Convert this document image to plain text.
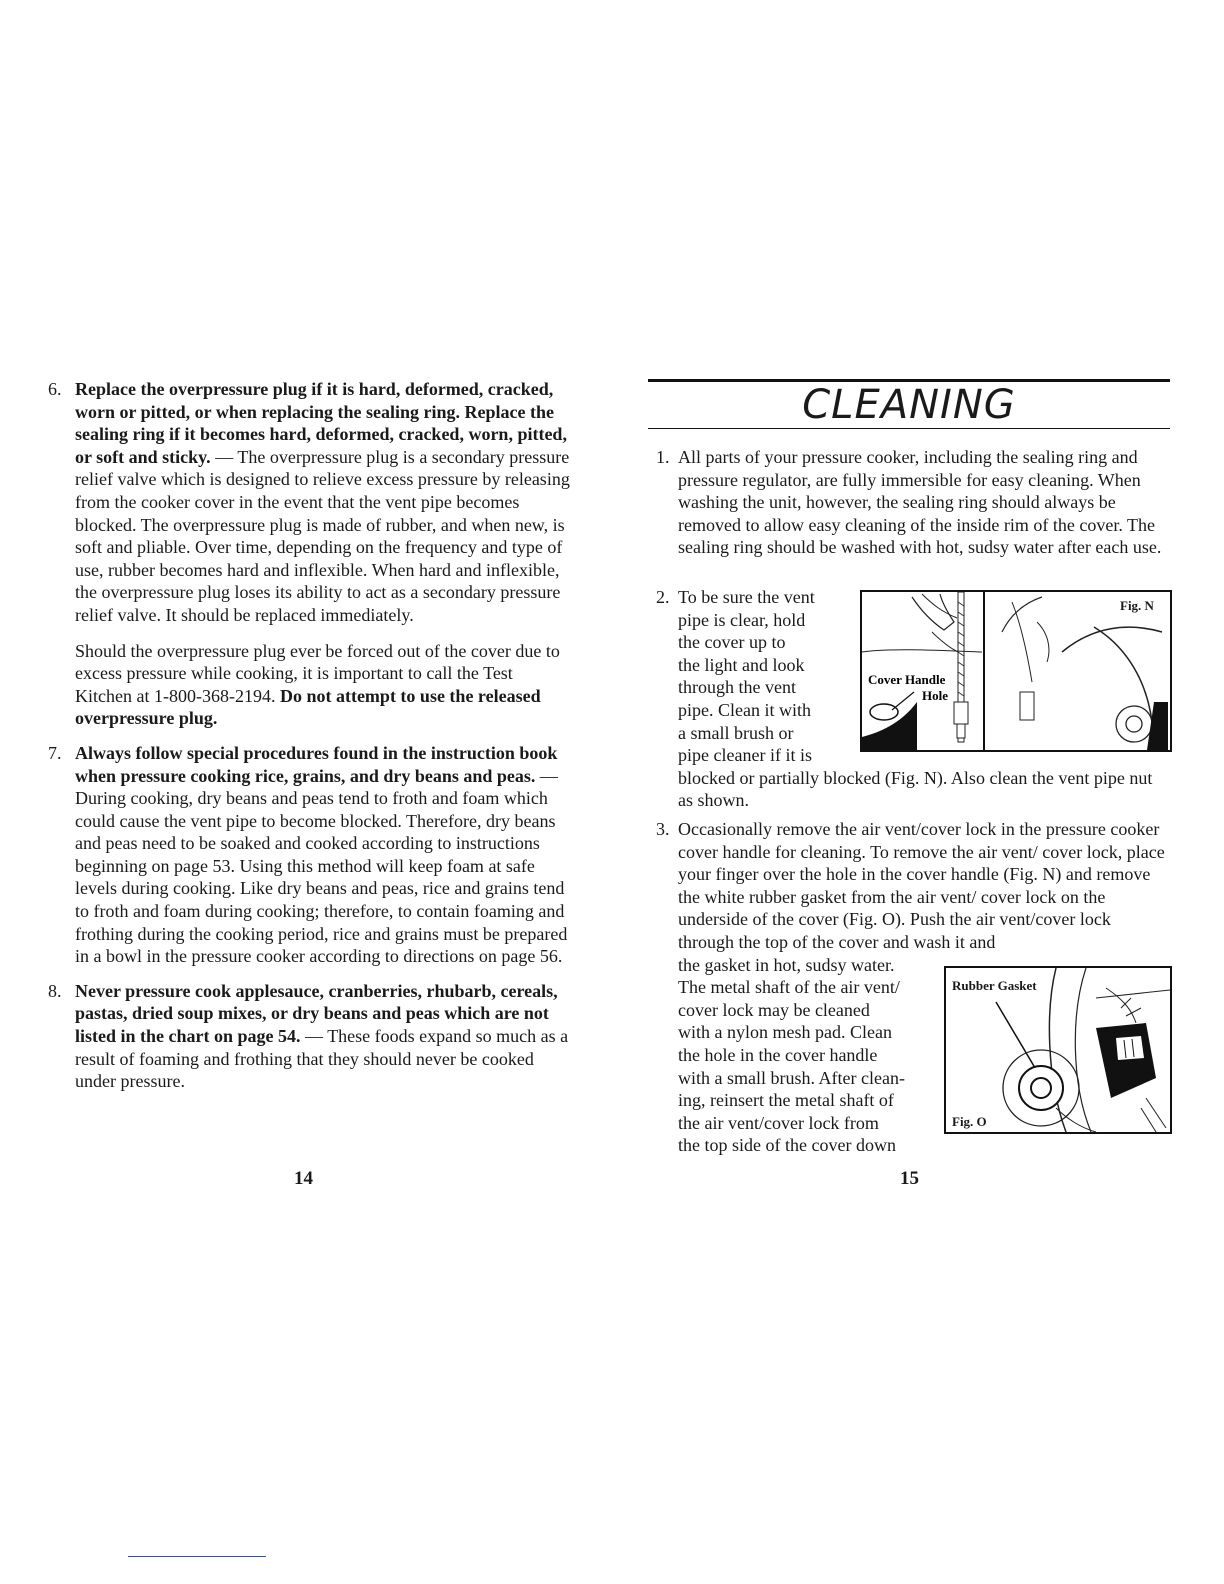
6. Replace the overpressure plug if it is hard, deformed, cracked, worn or pitted, or when replacing the sealing ring. Replace the sealing ring if it becomes hard, deformed, cracked, worn, pitted, or soft and sticky. — The overpressure plug is a secondary pressure relief valve which is designed to relieve excess pressure by releasing from the cooker cover in the event that the vent pipe becomes blocked. The overpressure plug is made of rubber, and when new, is soft and pliable. Over time, depending on the frequency and type of use, rubber becomes hard and inflexible. When hard and inflexible, the overpressure plug loses its ability to act as a secondary pressure relief valve. It should be replaced immediately.

Should the overpressure plug ever be forced out of the cover due to excess pressure while cooking, it is important to call the Test Kitchen at 1-800-368-2194. Do not attempt to use the released overpressure plug.

7. Always follow special procedures found in the instruction book when pressure cooking rice, grains, and dry beans and peas. — During cooking, dry beans and peas tend to froth and foam which could cause the vent pipe to become blocked. Therefore, dry beans and peas need to be soaked and cooked according to instructions beginning on page 53. Using this method will keep foam at safe levels during cooking. Like dry beans and peas, rice and grains tend to froth and foam during cooking; therefore, to contain foaming and frothing during the cooking period, rice and grains must be prepared in a bowl in the pressure cooker according to directions on page 56.

8. Never pressure cook applesauce, cranberries, rhubarb, cereals, pastas, dried soup mixes, or dry beans and peas which are not listed in the chart on page 54. — These foods expand so much as a result of foaming and frothing that they should never be cooked under pressure.

14
CLEANING
1. All parts of your pressure cooker, including the sealing ring and pressure regulator, are fully immersible for easy cleaning. When washing the unit, however, the sealing ring should always be removed to allow easy cleaning of the inside rim of the cover. The sealing ring should be washed with hot, sudsy water after each use.
2. To be sure the vent
pipe is clear, hold
the cover up to
the light and look
through the vent
pipe. Clean it with
a small brush or
pipe cleaner if it is
blocked or partially blocked (Fig. N). Also clean the vent pipe nut as shown.
Cover Handle
Hole
Fig. N
3. Occasionally remove the air vent/cover lock in the pressure cooker cover handle for cleaning. To remove the air vent/ cover lock, place your finger over the hole in the cover handle (Fig. N) and remove the white rubber gasket from the air vent/ cover lock on the underside of the cover (Fig. O). Push the air vent/cover lock through the top of the cover and wash it and
the gasket in hot, sudsy water.
The metal shaft of the air vent/
cover lock may be cleaned
with a nylon mesh pad. Clean
the hole in the cover handle
with a small brush. After clean-
ing, reinsert the metal shaft of
the air vent/cover lock from
the top side of the cover down
Rubber Gasket
Fig. O
15
